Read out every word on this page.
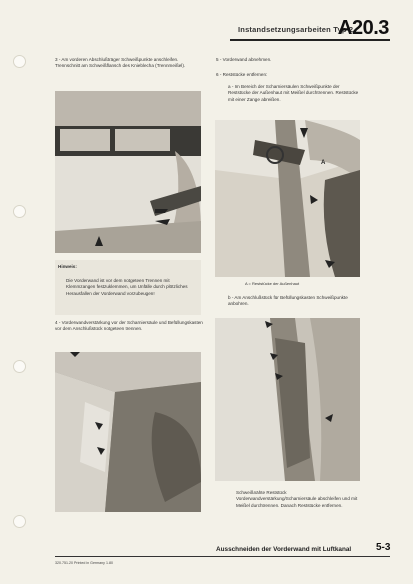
Instandsetzungsarbeiten Typ 2
A20.3
3 - Am vorderen Abschlußträger Schweißpunkte anschleifen. Trennschnitt am Schweißflansch des Knieblecha (Trennmeißel).
Hinweis:
Die Vorderwand ist vor dem notgeteen Trennen mit Klemmzangen festzuklemmen, um Unfälle durch plötzliches Herausfallen der Vorderwand vorzubeugen!
4 - Vorderwandverstärkung vor der Scharniersäule und Befüllungskasten vor dem Anschlußstück notgeteen trennen.
5 - Vorderwand abnehmen.
6 - Reststücke entfernen:
a - Im Bereich der Scharniersäulen Schweißpunkte der Reststücke der Außenhaut mit Meißel durchtrennen. Reststücke mit einer Zange abreißen.
A
A = Reststücke der Außenhaut
b - Am Anschlußstück für Befüllungskasten Schweißpunkte anbohren.
Schweißnähte Reststück Vorderwandverstärkung/Scharniersäule abschleifen und mit Meißel durchtrennen. Danach Reststücke entfernen.
Ausschneiden der Vorderwand mit Luftkanal 5-3
320.751.20 Printed in Germany 1.80
